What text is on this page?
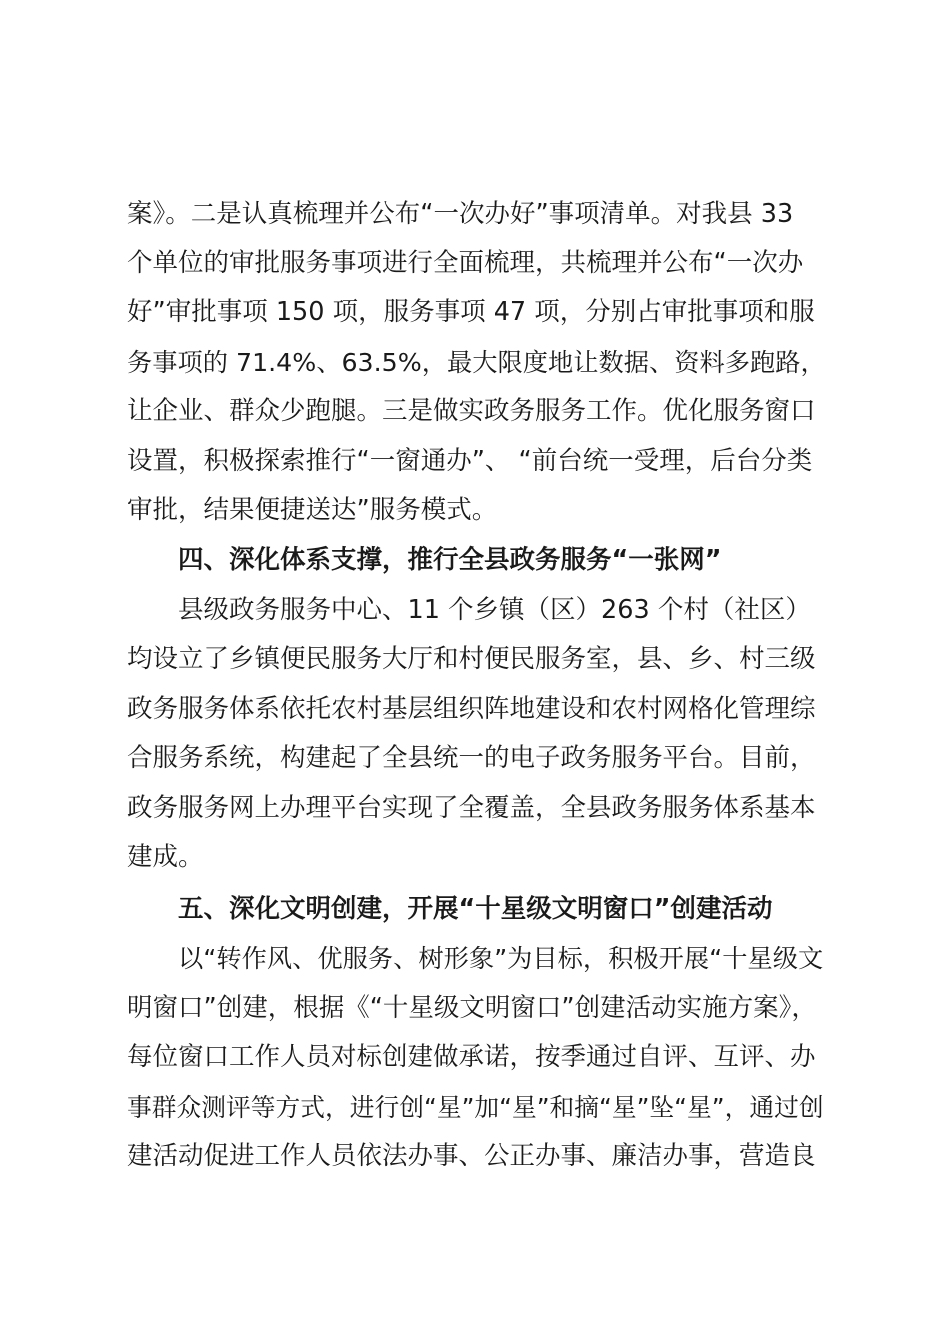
案》。二是认真梳理并公布“一次办好”事项清单。对我县 33
个单位的审批服务事项进行全面梳理，共梳理并公布“一次办
好”审批事项 150 项，服务事项 47 项，分别占审批事项和服
务事项的 71.4%、63.5%，最大限度地让数据、资料多跑路，
让企业、群众少跑腿。三是做实政务服务工作。优化服务窗口
设置，积极探索推行“一窗通办”、 “前台统一受理，后台分类
审批，结果便捷送达”服务模式。
四、深化体系支撑，推行全县政务服务“一张网”
县级政务服务中心、11 个乡镇（区）263 个村（社区）
均设立了乡镇便民服务大厅和村便民服务室，县、乡、村三级
政务服务体系依托农村基层组织阵地建设和农村网格化管理综
合服务系统，构建起了全县统一的电子政务服务平台。目前，
政务服务网上办理平台实现了全覆盖，全县政务服务体系基本
建成。
五、深化文明创建，开展“十星级文明窗口”创建活动
以“转作风、优服务、树形象”为目标，积极开展“十星级文
明窗口”创建，根据《“十星级文明窗口”创建活动实施方案》，
每位窗口工作人员对标创建做承诺，按季通过自评、互评、办
事群众测评等方式，进行创“星”加“星”和摘“星”坠“星”，通过创
建活动促进工作人员依法办事、公正办事、廉洁办事，营造良
